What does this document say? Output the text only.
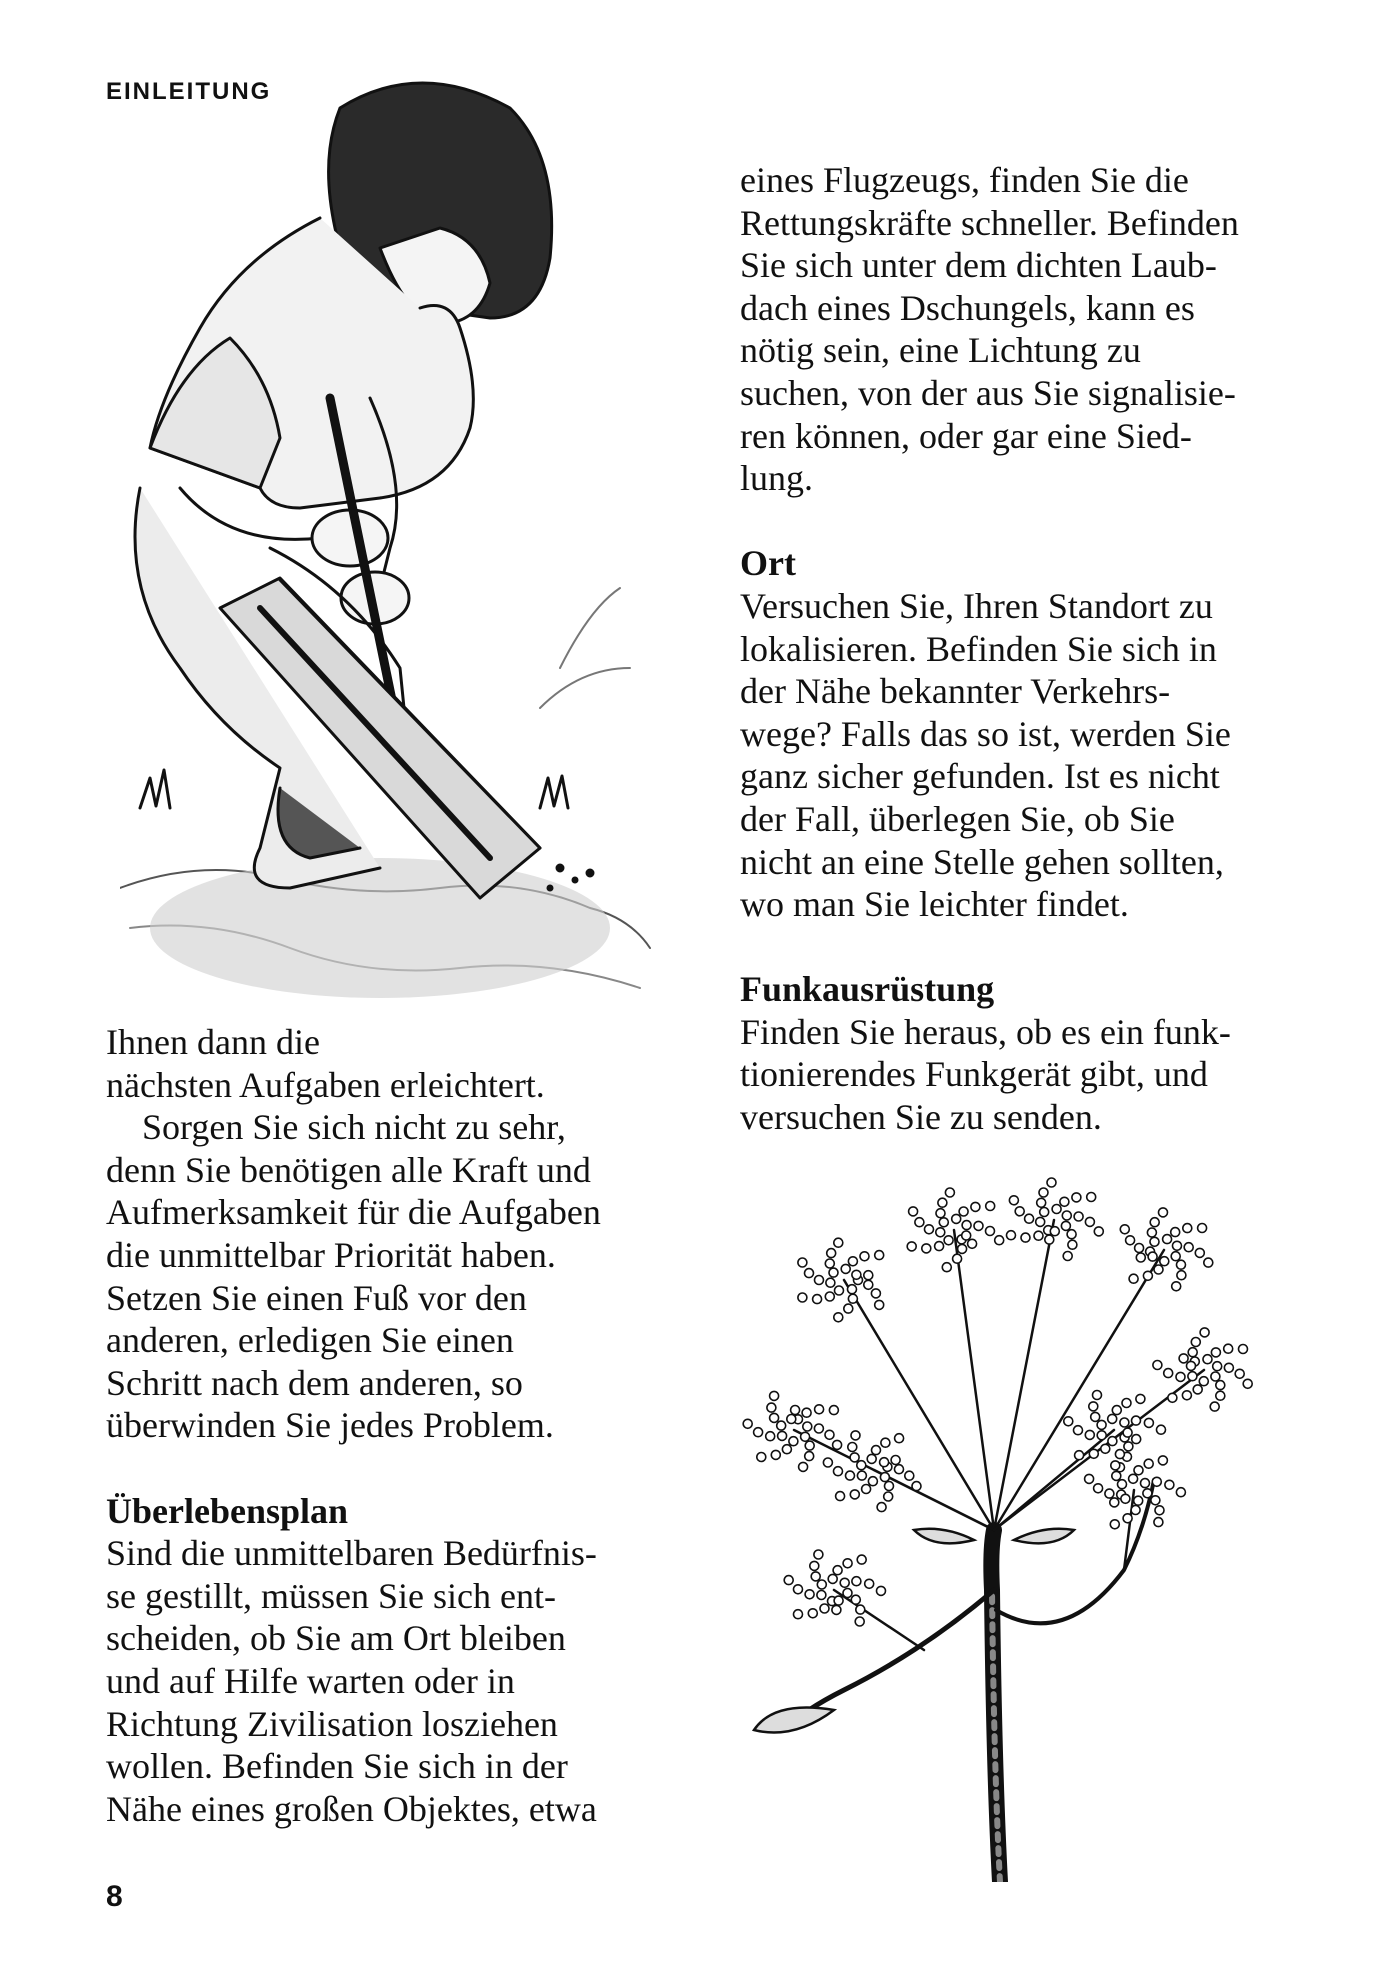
EINLEITUNG
Ihnen dann die
nächsten Aufgaben erleichtert.
Sorgen Sie sich nicht zu sehr,
denn Sie benötigen alle Kraft und
Aufmerksamkeit für die Aufgaben
die unmittelbar Priorität haben.
Setzen Sie einen Fuß vor den
anderen, erledigen Sie einen
Schritt nach dem anderen, so
überwinden Sie jedes Problem.
Überlebensplan
Sind die unmittelbaren Bedürfnis-
se gestillt, müssen Sie sich ent-
scheiden, ob Sie am Ort bleiben
und auf Hilfe warten oder in
Richtung Zivilisation losziehen
wollen. Befinden Sie sich in der
Nähe eines großen Objektes, etwa
eines Flugzeugs, finden Sie die
Rettungskräfte schneller. Befinden
Sie sich unter dem dichten Laub-
dach eines Dschungels, kann es
nötig sein, eine Lichtung zu
suchen, von der aus Sie signalisie-
ren können, oder gar eine Sied-
lung.
Ort
Versuchen Sie, Ihren Standort zu
lokalisieren. Befinden Sie sich in
der Nähe bekannter Verkehrs-
wege? Falls das so ist, werden Sie
ganz sicher gefunden. Ist es nicht
der Fall, überlegen Sie, ob Sie
nicht an eine Stelle gehen sollten,
wo man Sie leichter findet.
Funkausrüstung
Finden Sie heraus, ob es ein funk-
tionierendes Funkgerät gibt, und
versuchen Sie zu senden.
8
